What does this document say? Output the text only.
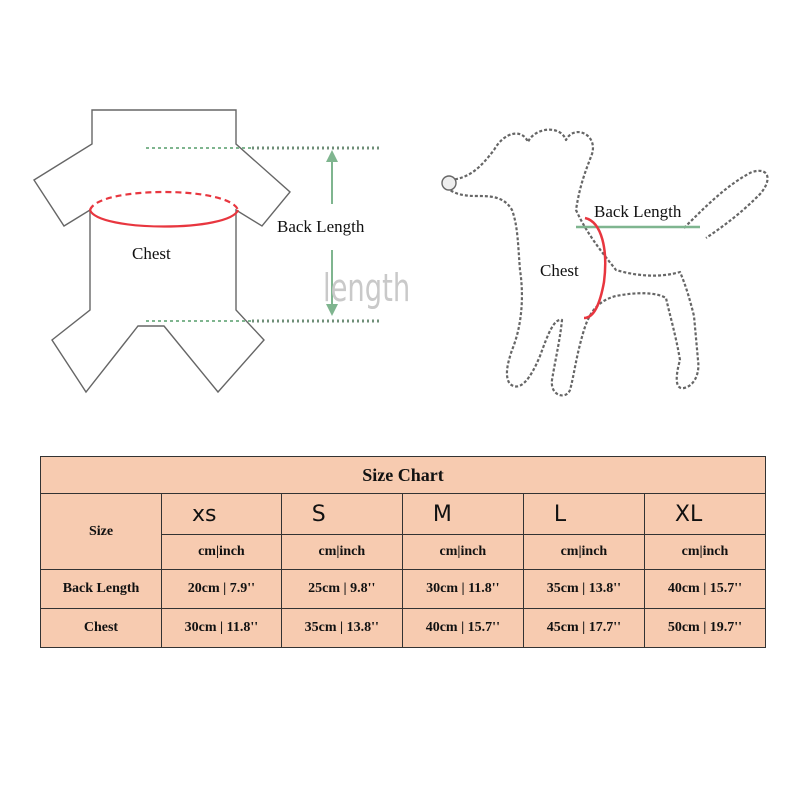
Chest
Back Length
length
Back Length
Chest
Size Chart					
Size	xs	S	M	L	XL
	cm|inch	cm|inch	cm|inch	cm|inch	cm|inch
Back Length	20cm | 7.9''	25cm | 9.8''	30cm | 11.8''	35cm | 13.8''	40cm | 15.7''
Chest	30cm | 11.8''	35cm | 13.8''	40cm | 15.7''	45cm | 17.7''	50cm | 19.7''
